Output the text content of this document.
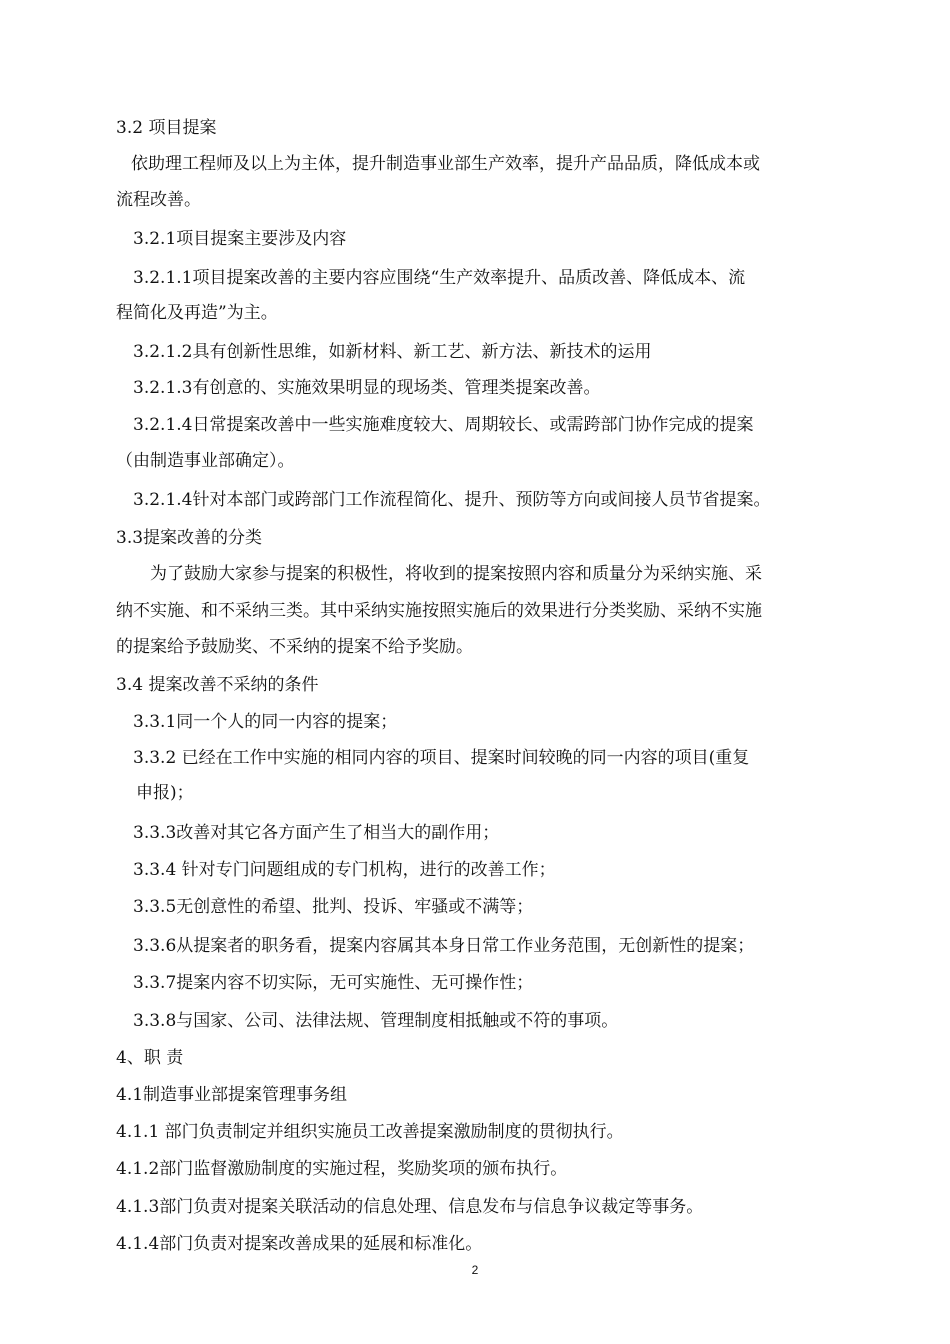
3.2 项目提案

依助理工程师及以上为主体，提升制造事业部生产效率，提升产品品质，降低成本或

流程改善。

3.2.1项目提案主要涉及内容

3.2.1.1项目提案改善的主要内容应围绕“生产效率提升、品质改善、降低成本、流

程简化及再造”为主。

3.2.1.2具有创新性思维，如新材料、新工艺、新方法、新技术的运用

3.2.1.3有创意的、实施效果明显的现场类、管理类提案改善。

3.2.1.4日常提案改善中一些实施难度较大、周期较长、或需跨部门协作完成的提案

（由制造事业部确定）。

3.2.1.4针对本部门或跨部门工作流程简化、提升、预防等方向或间接人员节省提案。

3.3提案改善的分类

为了鼓励大家参与提案的积极性，将收到的提案按照内容和质量分为采纳实施、采

纳不实施、和不采纳三类。其中采纳实施按照实施后的效果进行分类奖励、采纳不实施

的提案给予鼓励奖、不采纳的提案不给予奖励。

3.4 提案改善不采纳的条件

3.3.1同一个人的同一内容的提案；

3.3.2 已经在工作中实施的相同内容的项目、提案时间较晚的同一内容的项目(重复

申报)；

3.3.3改善对其它各方面产生了相当大的副作用；

3.3.4 针对专门问题组成的专门机构，进行的改善工作；

3.3.5无创意性的希望、批判、投诉、牢骚或不满等；

3.3.6从提案者的职务看，提案内容属其本身日常工作业务范围，无创新性的提案；

3.3.7提案内容不切实际，无可实施性、无可操作性；

3.3.8与国家、公司、法律法规、管理制度相抵触或不符的事项。

4、职 责

4.1制造事业部提案管理事务组

4.1.1 部门负责制定并组织实施员工改善提案激励制度的贯彻执行。

4.1.2部门监督激励制度的实施过程，奖励奖项的颁布执行。

4.1.3部门负责对提案关联活动的信息处理、信息发布与信息争议裁定等事务。

4.1.4部门负责对提案改善成果的延展和标准化。

2
